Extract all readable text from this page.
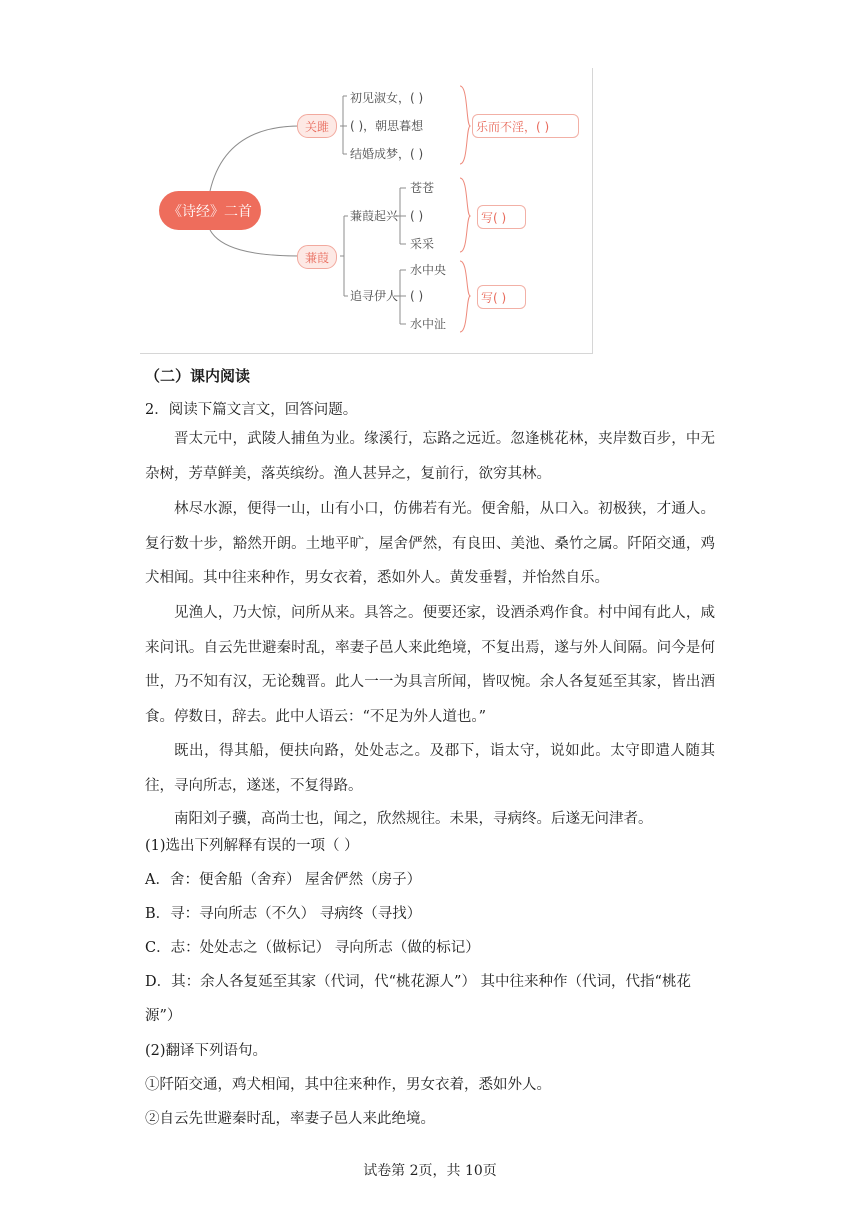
《诗经》二首
关雎
蒹葭
初见淑女，( )
( )，朝思暮想
结婚成梦，( )
乐而不淫，( )
蒹葭起兴
苍苍
( )
采采
写( )
追寻伊人
水中央
( )
水中沚
写( )
（二）课内阅读
2．阅读下篇文言文，回答问题。
晋太元中，武陵人捕鱼为业。缘溪行，忘路之远近。忽逢桃花林，夹岸数百步，中无杂树，芳草鲜美，落英缤纷。渔人甚异之，复前行，欲穷其林。
林尽水源，便得一山，山有小口，仿佛若有光。便舍船，从口入。初极狭，才通人。复行数十步，豁然开朗。土地平旷，屋舍俨然，有良田、美池、桑竹之属。阡陌交通，鸡犬相闻。其中往来种作，男女衣着，悉如外人。黄发垂髫，并怡然自乐。
见渔人，乃大惊，问所从来。具答之。便要还家，设酒杀鸡作食。村中闻有此人，咸来问讯。自云先世避秦时乱，率妻子邑人来此绝境，不复出焉，遂与外人间隔。问今是何世，乃不知有汉，无论魏晋。此人一一为具言所闻，皆叹惋。余人各复延至其家，皆出酒食。停数日，辞去。此中人语云：“不足为外人道也。”
既出，得其船，便扶向路，处处志之。及郡下，诣太守，说如此。太守即遣人随其往，寻向所志，遂迷，不复得路。
南阳刘子骥，高尚士也，闻之，欣然规往。未果，寻病终。后遂无问津者。
(1)选出下列解释有误的一项（ ）
A．舍：便舍船（舍弃） 屋舍俨然（房子）
B．寻：寻向所志（不久） 寻病终（寻找）
C．志：处处志之（做标记） 寻向所志（做的标记）
D．其：余人各复延至其家（代词，代“桃花源人”） 其中往来种作（代词，代指“桃花
源”）
(2)翻译下列语句。
①阡陌交通，鸡犬相闻，其中往来种作，男女衣着，悉如外人。
②自云先世避秦时乱，率妻子邑人来此绝境。
试卷第 2页，共 10页
